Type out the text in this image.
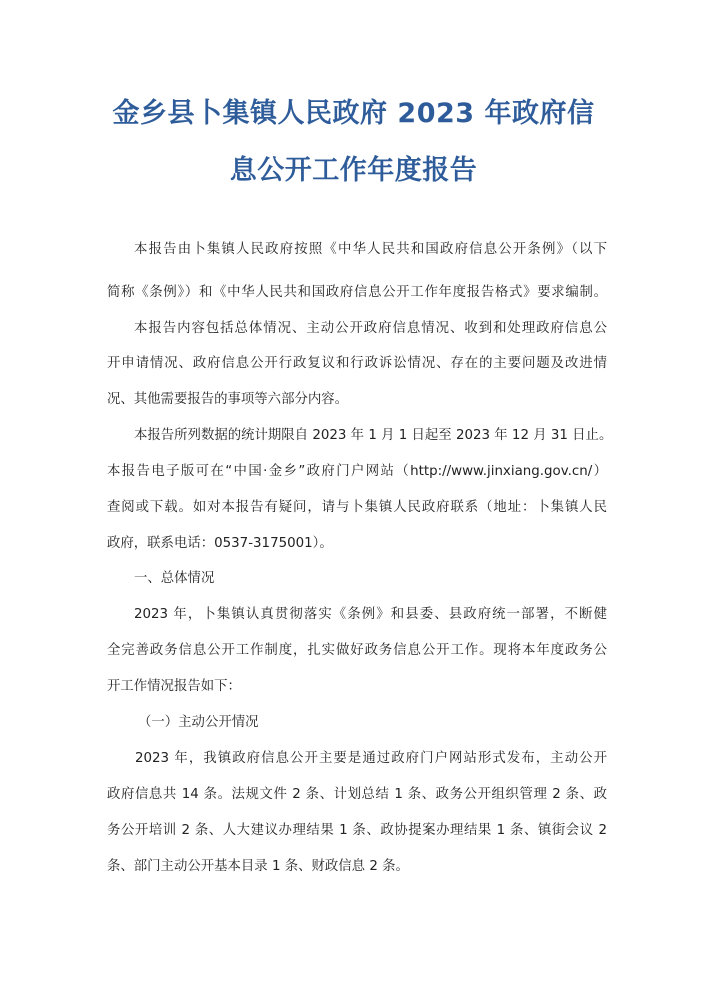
金乡县卜集镇人民政府 2023 年政府信
息公开工作年度报告
本报告由卜集镇人民政府按照《中华人民共和国政府信息公开条例》（以下
简称《条例》）和《中华人民共和国政府信息公开工作年度报告格式》要求编制。
本报告内容包括总体情况、主动公开政府信息情况、收到和处理政府信息公
开申请情况、政府信息公开行政复议和行政诉讼情况、存在的主要问题及改进情
况、其他需要报告的事项等六部分内容。
本报告所列数据的统计期限自 2023 年 1 月 1 日起至 2023 年 12 月 31 日止。
本报告电子版可在“中国·金乡”政府门户网站（http://www.jinxiang.gov.cn/）
查阅或下载。如对本报告有疑问，请与卜集镇人民政府联系（地址：卜集镇人民
政府，联系电话：0537-3175001）。
一、总体情况
2023 年，卜集镇认真贯彻落实《条例》和县委、县政府统一部署，不断健
全完善政务信息公开工作制度，扎实做好政务信息公开工作。现将本年度政务公
开工作情况报告如下：
（一）主动公开情况
2023 年，我镇政府信息公开主要是通过政府门户网站形式发布，主动公开
政府信息共 14 条。法规文件 2 条、计划总结 1 条、政务公开组织管理 2 条、政
务公开培训 2 条、人大建议办理结果 1 条、政协提案办理结果 1 条、镇街会议 2
条、部门主动公开基本目录 1 条、财政信息 2 条。
